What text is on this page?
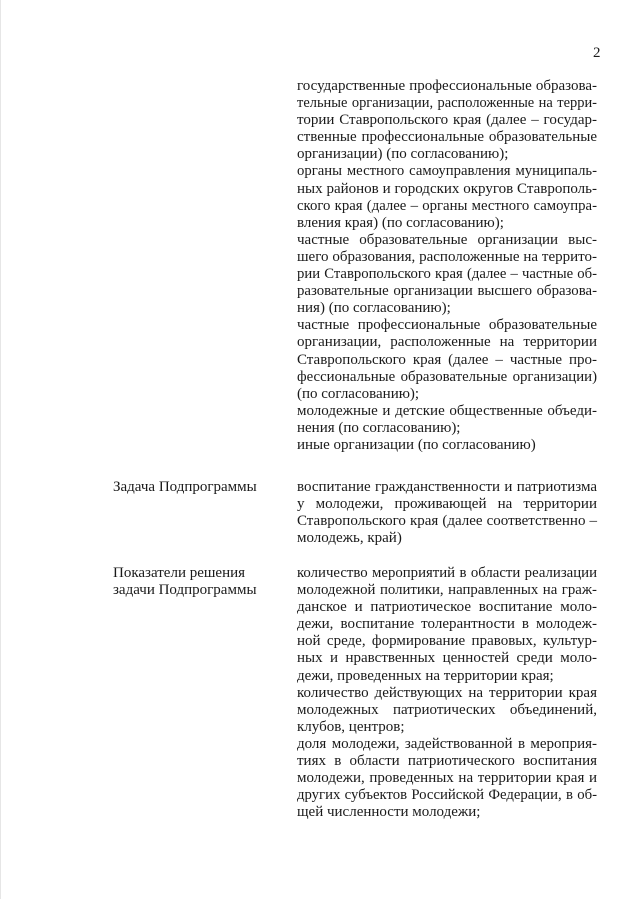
2
государственные профессиональные образова-
тельные организации, расположенные на терри-
тории Ставропольского края (далее – государ-
ственные профессиональные образовательные
организации) (по согласованию);
органы местного самоуправления муниципаль-
ных районов и городских округов Ставрополь-
ского края (далее – органы местного самоупра-
вления края) (по согласованию);
частные образовательные организации выс-
шего образования, расположенные на террито-
рии Ставропольского края (далее – частные об-
разовательные организации высшего образова-
ния) (по согласованию);
частные профессиональные образовательные
организации, расположенные на территории
Ставропольского края (далее – частные про-
фессиональные образовательные организации)
(по согласованию);
молодежные и детские общественные объеди-
нения (по согласованию);
иные организации (по согласованию)
Задача Подпрограммы	воспитание гражданственности и патриотизма
у молодежи, проживающей на территории
Ставропольского края (далее соответственно –
молодежь, край)
Показатели решения
задачи Подпрограммы
количество мероприятий в области реализации
молодежной политики, направленных на граж-
данское и патриотическое воспитание моло-
дежи, воспитание толерантности в молодеж-
ной среде, формирование правовых, культур-
ных и нравственных ценностей среди моло-
дежи, проведенных на территории края;
количество действующих на территории края
молодежных патриотических объединений,
клубов, центров;
доля молодежи, задействованной в мероприя-
тиях в области патриотического воспитания
молодежи, проведенных на территории края и
других субъектов Российской Федерации, в об-
щей численности молодежи;
